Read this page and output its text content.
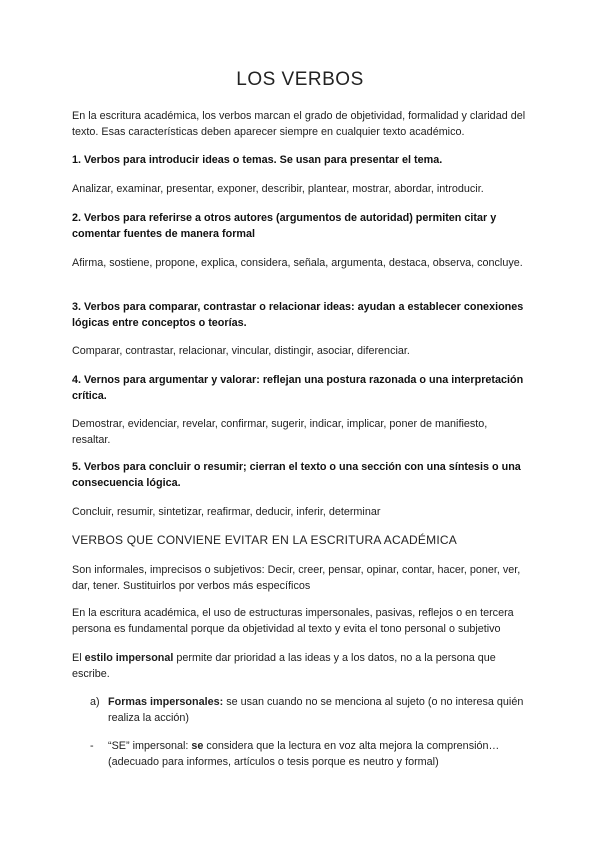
LOS VERBOS

En la escritura académica, los verbos marcan el grado de objetividad, formalidad y claridad del texto. Esas características deben aparecer siempre en cualquier texto académico.

1. Verbos para introducir ideas o temas. Se usan para presentar el tema.

Analizar, examinar, presentar, exponer, describir, plantear, mostrar, abordar, introducir.

2. Verbos para referirse a otros autores (argumentos de autoridad) permiten citar y comentar fuentes de manera formal

Afirma, sostiene, propone, explica, considera, señala, argumenta, destaca, observa, concluye.

3. Verbos para comparar, contrastar o relacionar ideas: ayudan a establecer conexiones lógicas entre conceptos o teorías.

Comparar, contrastar, relacionar, vincular, distingir, asociar, diferenciar.

4. Vernos para argumentar y valorar: reflejan una postura razonada o una interpretación crítica.

Demostrar, evidenciar, revelar, confirmar, sugerir, indicar, implicar, poner de manifiesto, resaltar.

5. Verbos para concluir o resumir; cierran el texto o una sección con una síntesis o una consecuencia lógica.

Concluir, resumir, sintetizar, reafirmar, deducir, inferir, determinar

VERBOS QUE CONVIENE EVITAR EN LA ESCRITURA ACADÉMICA

Son informales, imprecisos o subjetivos: Decir, creer, pensar, opinar, contar, hacer, poner, ver, dar, tener. Sustituirlos por verbos más específicos

En la escritura académica, el uso de estructuras impersonales, pasivas, reflejos o en tercera persona es fundamental porque da objetividad al texto y evita el tono personal o subjetivo

El estilo impersonal permite dar prioridad a las ideas y a los datos, no a la persona que escribe.

a) Formas impersonales: se usan cuando no se menciona al sujeto (o no interesa quién realiza la acción)
- “SE” impersonal: se considera que la lectura en voz alta mejora la comprensión… (adecuado para informes, artículos o tesis porque es neutro y formal)
